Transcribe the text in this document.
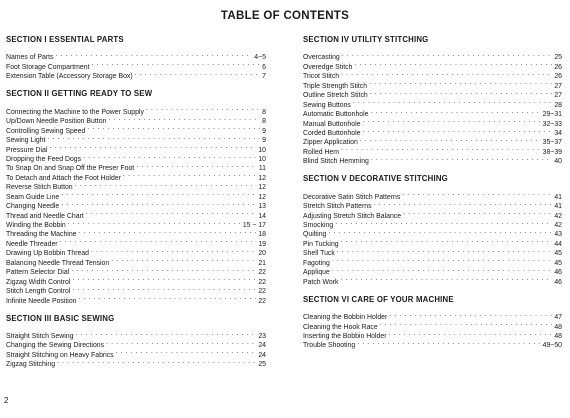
TABLE OF CONTENTS
SECTION I ESSENTIAL PARTS
Names of Parts . . .	4~5
Foot Storage Compartment . . .	6
Extension Table (Accessory Storage Box) . . .	7
SECTION II GETTING READY TO SEW
Connecting the Machine to the Power Supply . . .	8
Up/Down Needle Position Button . . .	8
Controlling Sewing Speed . . .	9
Sewing Light . . .	9
Pressure Dial . . .	10
Dropping the Feed Dogs . . .	10
To Snap On and Snap Off the Preser Foot . . .	11
To Detach and Attach the Foot Holder . . .	12
Reverse Stitch Button . . .	12
Seam Guide Line . . .	12
Changing Needle . . .	13
Thread and Needle Chart . . .	14
Winding the Bobbin . . .	15 ~ 17
Threading the Machine . . .	18
Needle Threader . . .	19
Drawing Up Bobbin Thread . . .	20
Balancing Needle Thread Tension . . .	21
Pattern Selector Dial . . .	22
Zigzag Width Control . . .	22
Stitch Length Control . . .	22
Infinite Needle Position . . .	22
SECTION III BASIC SEWING
Straight Stitch Sewing . . .	23
Changing the Sewing Directions . . .	24
Straight Stitching on Heavy Fabrics . . .	24
Zigzag Stitching . . .	25
SECTION IV UTILITY STITCHING
Overcasting . . .	25
Overedge Stitch . . .	26
Tricot Stitch . . .	26
Triple Strength Stitch . . .	27
Outline Stretch Stitch . . .	27
Sewing Buttons . . .	28
Automatic Buttonhole . . .	29~31
Manual Buttonhole . . .	32~33
Corded Buttonhole . . .	34
Zipper Application . . .	35~37
Rolled Hem . . .	38~39
Blind Stitch Hemming . . .	40
SECTION V DECORATIVE STITCHING
Decorative Satin Stitch Patterns . . .	41
Stretch Stitch Patterns . . .	41
Adjusting Stretch Stitch Balance . . .	42
Smocking . . .	42
Quilting . . .	43
Pin Tucking . . .	44
Shell Tuck . . .	45
Fagoting . . .	45
Applique . . .	46
Patch Work . . .	46
SECTION VI CARE OF YOUR MACHINE
Cleaning the Bobbin Holder . . .	47
Cleaning the Hook Race . . .	48
Inserting the Bobbin Holder . . .	48
Trouble Shooting . . .	49~50
2
